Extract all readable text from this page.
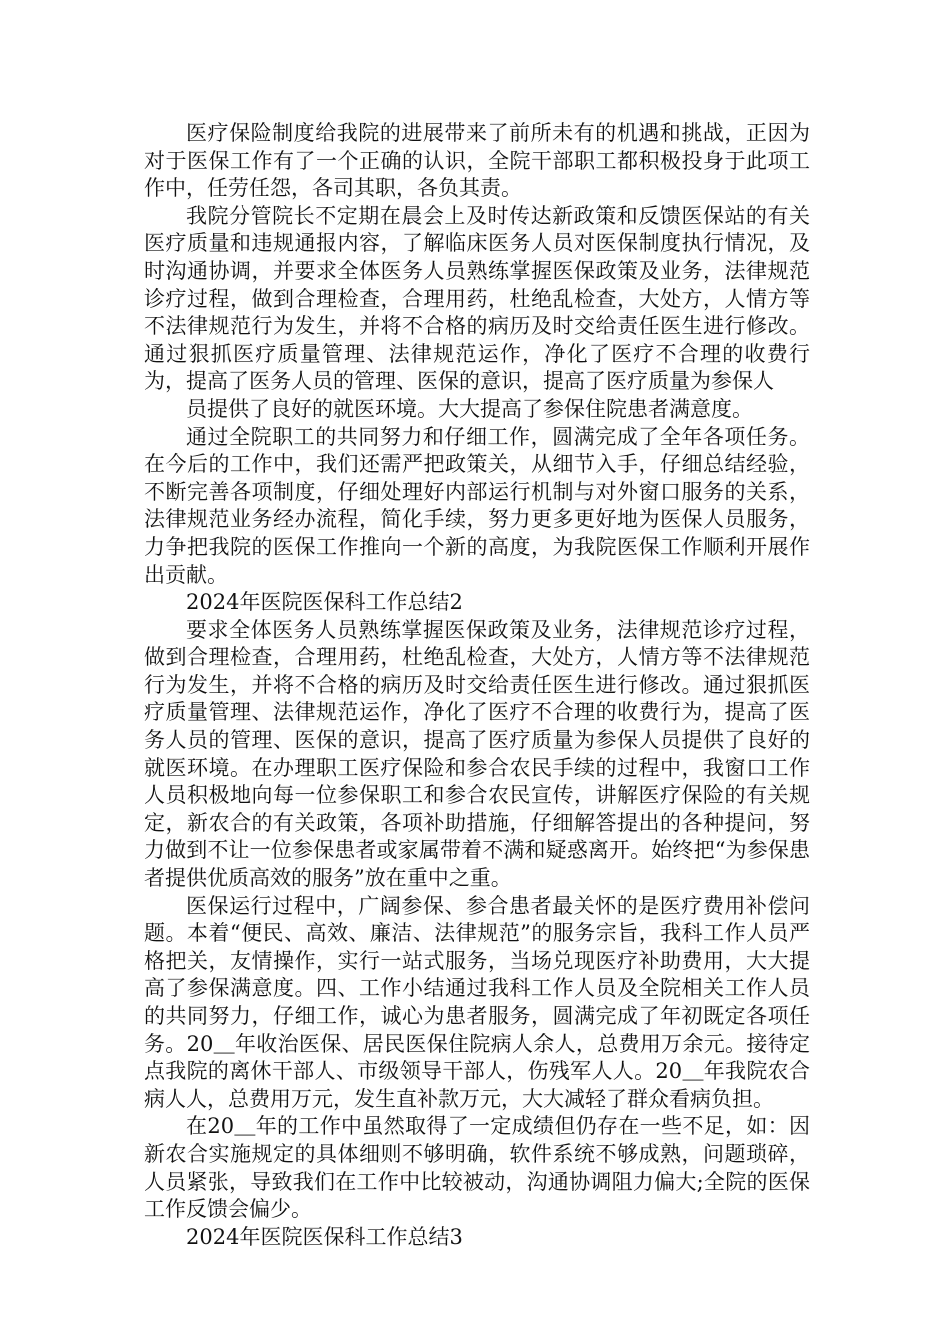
医疗保险制度给我院的进展带来了前所未有的机遇和挑战，正因为对于医保工作有了一个正确的认识，全院干部职工都积极投身于此项工作中，任劳任怨，各司其职，各负其责。

我院分管院长不定期在晨会上及时传达新政策和反馈医保站的有关医疗质量和违规通报内容，了解临床医务人员对医保制度执行情况，及时沟通协调，并要求全体医务人员熟练掌握医保政策及业务，法律规范诊疗过程，做到合理检查，合理用药，杜绝乱检查，大处方，人情方等不法律规范行为发生，并将不合格的病历及时交给责任医生进行修改。通过狠抓医疗质量管理、法律规范运作，净化了医疗不合理的收费行为，提高了医务人员的管理、医保的意识，提高了医疗质量为参保人

员提供了良好的就医环境。大大提高了参保住院患者满意度。

通过全院职工的共同努力和仔细工作，圆满完成了全年各项任务。在今后的工作中，我们还需严把政策关，从细节入手，仔细总结经验，不断完善各项制度，仔细处理好内部运行机制与对外窗口服务的关系，法律规范业务经办流程，简化手续，努力更多更好地为医保人员服务，力争把我院的医保工作推向一个新的高度，为我院医保工作顺利开展作出贡献。

2024年医院医保科工作总结2

要求全体医务人员熟练掌握医保政策及业务，法律规范诊疗过程，做到合理检查，合理用药，杜绝乱检查，大处方，人情方等不法律规范行为发生，并将不合格的病历及时交给责任医生进行修改。通过狠抓医疗质量管理、法律规范运作，净化了医疗不合理的收费行为，提高了医务人员的管理、医保的意识，提高了医疗质量为参保人员提供了良好的就医环境。在办理职工医疗保险和参合农民手续的过程中，我窗口工作人员积极地向每一位参保职工和参合农民宣传，讲解医疗保险的有关规定，新农合的有关政策，各项补助措施，仔细解答提出的各种提问，努力做到不让一位参保患者或家属带着不满和疑惑离开。始终把“为参保患者提供优质高效的服务”放在重中之重。

医保运行过程中，广阔参保、参合患者最关怀的是医疗费用补偿问题。本着“便民、高效、廉洁、法律规范”的服务宗旨，我科工作人员严格把关，友情操作，实行一站式服务，当场兑现医疗补助费用，大大提高了参保满意度。四、工作小结通过我科工作人员及全院相关工作人员的共同努力，仔细工作，诚心为患者服务，圆满完成了年初既定各项任务。20＿年收治医保、居民医保住院病人余人，总费用万余元。接待定点我院的离休干部人、市级领导干部人，伤残军人人。20＿年我院农合病人人，总费用万元，发生直补款万元，大大减轻了群众看病负担。

在20＿年的工作中虽然取得了一定成绩但仍存在一些不足，如：因新农合实施规定的具体细则不够明确，软件系统不够成熟，问题琐碎，人员紧张，导致我们在工作中比较被动，沟通协调阻力偏大;全院的医保工作反馈会偏少。

2024年医院医保科工作总结3
